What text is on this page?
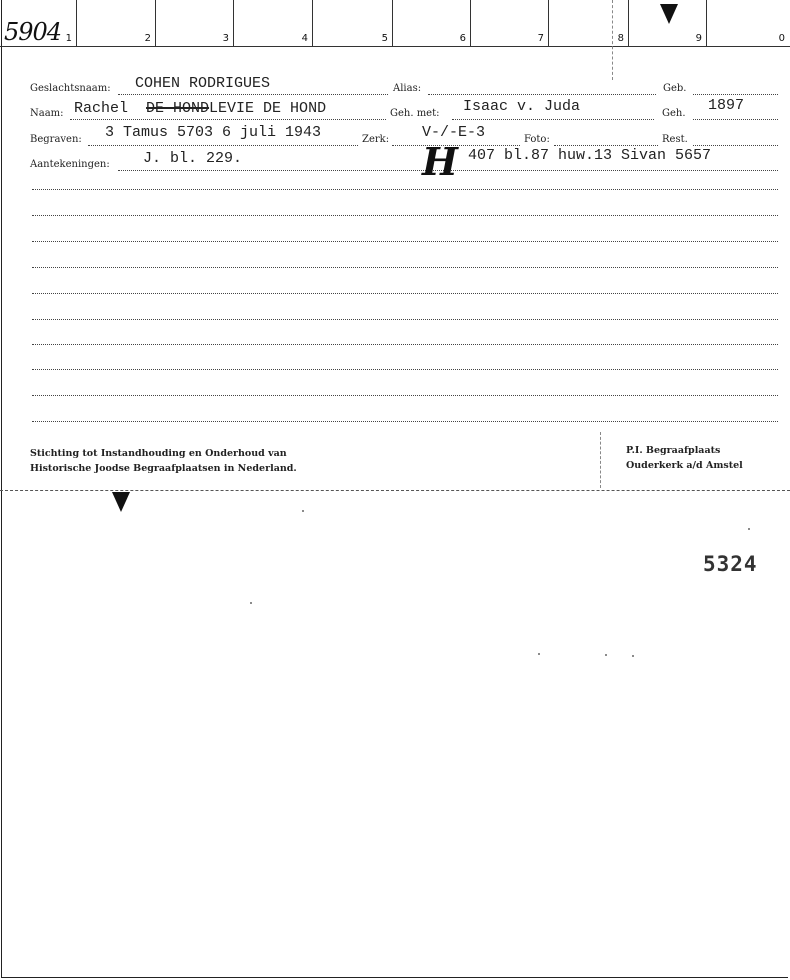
1	2	3	4	5	6	7	8	9	0
5904
Geslachtsnaam: COHEN RODRIGUES	Alias:	Geb.
Naam: Rachel DE HONDLEVIE DE HOND	Geh. met: Isaac v. Juda	Geh. 1897
Begraven: 3 Tamus 5703 6 juli 1943	Zerk: V-/-E-3	Foto:	Rest.
Aantekeningen: J. bl. 229.	H 407 bl.87 huw.13 Sivan 5657
Stichting tot Instandhouding en Onderhoud van
Historische Joodse Begraafplaatsen in Nederland.
P.I. Begraafplaats
Ouderkerk a/d Amstel
5324
